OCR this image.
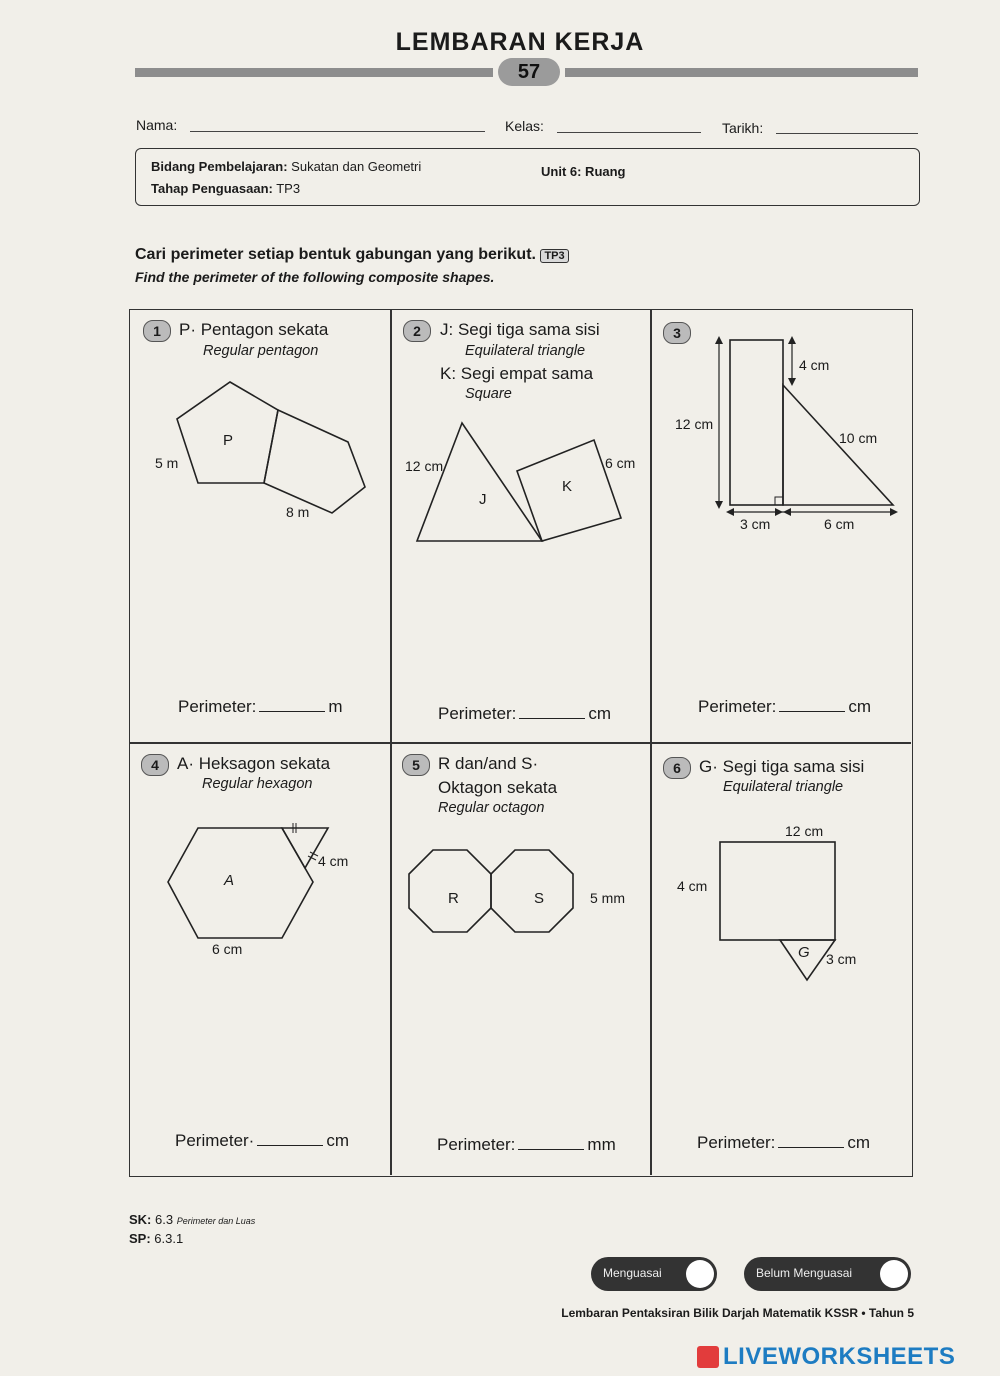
LEMBARAN KERJA
57
Nama:	Kelas:	Tarikh:
Bidang Pembelajaran: Sukatan dan Geometri
Tahap Penguasaan: TP3
Unit 6: Ruang
Cari perimeter setiap bentuk gabungan yang berikut. TP3
Find the perimeter of the following composite shapes.
1	P· Pentagon sekata
Regular pentagon
P
5 m
8 m
Perimeter:	m
2	J: Segi tiga sama sisi
Equilateral triangle
K: Segi empat sama
Square
12 cm	6 cm
J
K
Perimeter:	cm
3
4 cm
12 cm
10 cm
3 cm	6 cm
Perimeter:	cm
4	A· Heksagon sekata
Regular hexagon
4 cm
A
6 cm
Perimeter·	cm
5	R dan/and S·
Oktagon sekata
Regular octagon
R	S	5 mm
Perimeter:	mm
6	G· Segi tiga sama sisi
Equilateral triangle
12 cm
4 cm
G 3 cm
Perimeter:	cm
SK: 6.3 Perimeter dan Luas
SP: 6.3.1
Menguasai	Belum Menguasai
Lembaran Pentaksiran Bilik Darjah Matematik KSSR • Tahun 5
LIVEWORKSHEETS
